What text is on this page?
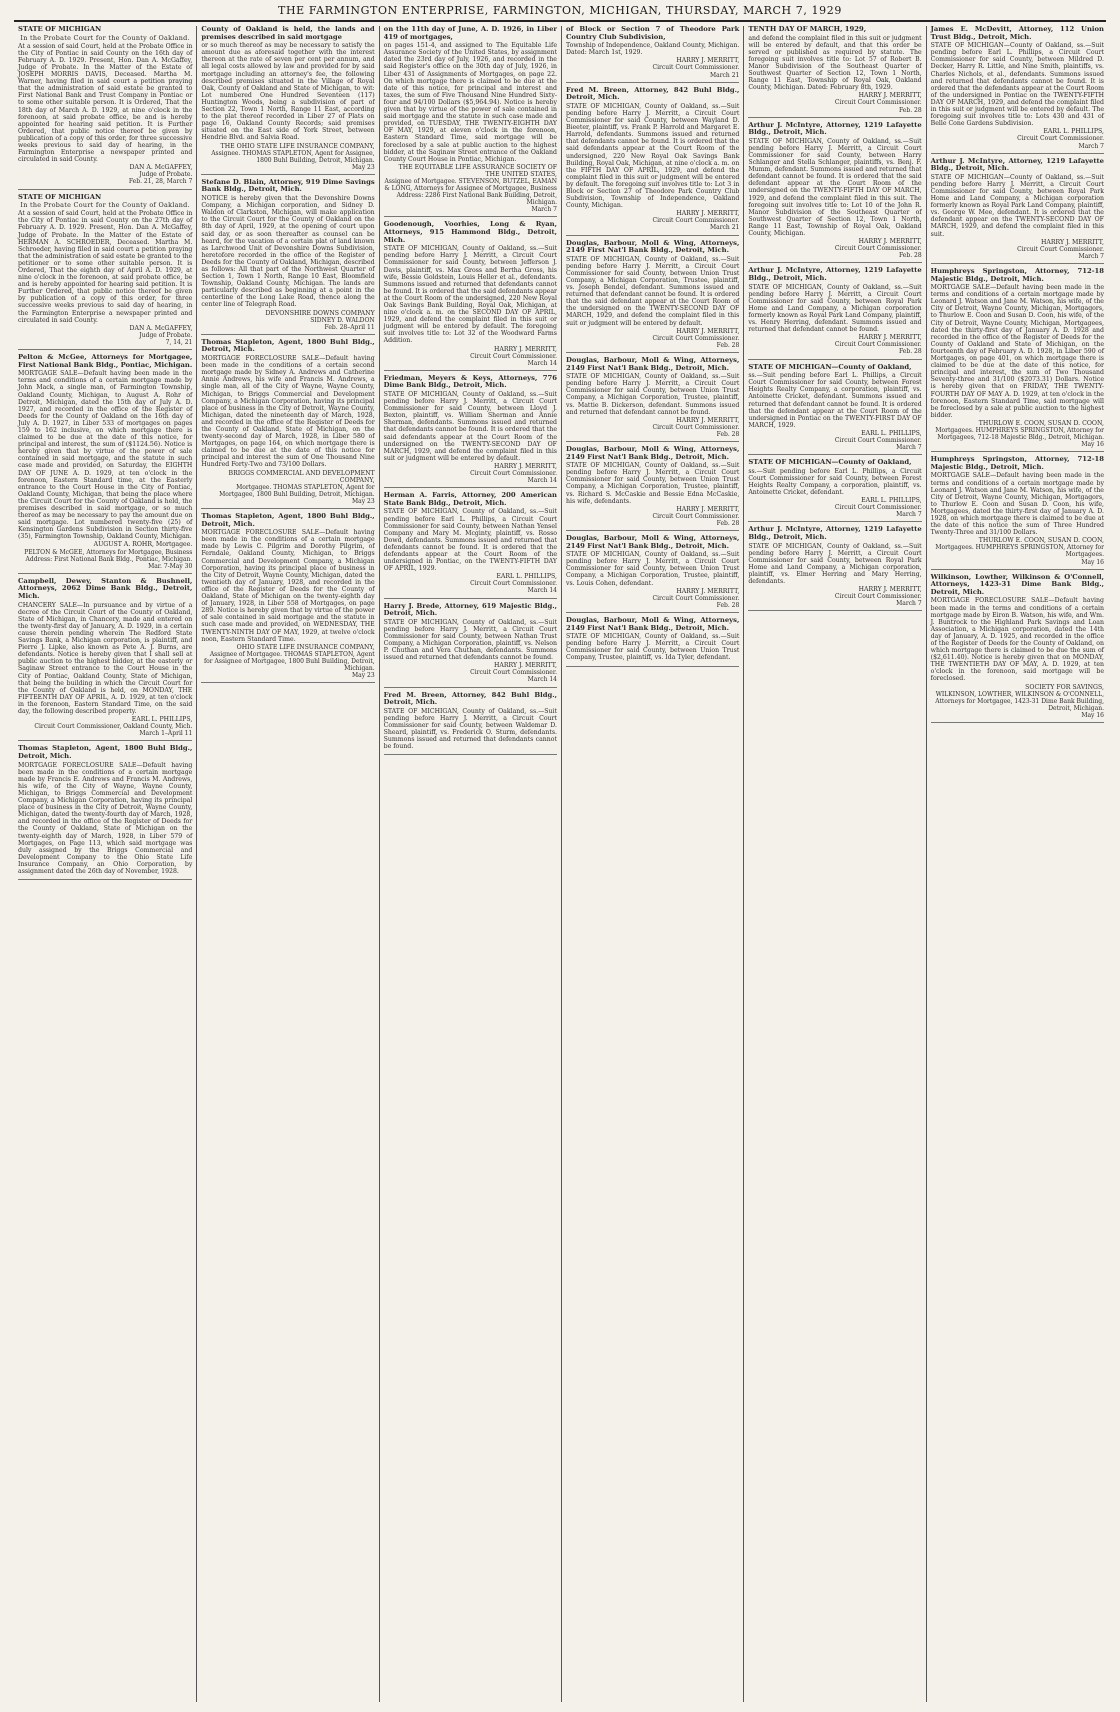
THE FARMINGTON ENTERPRISE, FARMINGTON, MICHIGAN, THURSDAY, MARCH 7, 1929
STATE OF MICHIGAN
In the Probate Court for the County of Oakland.
At a session of said Court, held at the Probate Office in the City of Pontiac in said County on the 16th day of February A. D. 1929. Present, Hon. Dan A. McGaffey, Judge of Probate. In the Matter of the Estate of JOSEPH MORRIS DAVIS, Deceased. Martha M. Warner, having filed in said court a petition praying that the administration of said estate be granted to First National Bank and Trust Company in Pontiac or to some other suitable person. It is Ordered, That the 18th day of March A. D. 1929, at nine o'clock in the forenoon, at said probate office, be and is hereby appointed for hearing said petition. It is Further Ordered, that public notice thereof be given by publication of a copy of this order, for three successive weeks previous to said day of hearing, in the Farmington Enterprise a newspaper printed and circulated in said County.
DAN A. McGAFFEY,
Judge of Probate.
Feb. 21, 28, March 7
STATE OF MICHIGAN
In the Probate Court for the County of Oakland.
At a session of said Court, held at the Probate Office in the City of Pontiac in said County on the 27th day of February A. D. 1929. Present, Hon. Dan A. McGaffey, Judge of Probate. In the Matter of the Estate of HERMAN A. SCHROEDER, Deceased. Martha M. Schroeder, having filed in said court a petition praying that the administration of said estate be granted to the petitioner or to some other suitable person. It is Ordered, That the eighth day of April A. D. 1929, at nine o'clock in the forenoon, at said probate office, be and is hereby appointed for hearing said petition. It is Further Ordered, that public notice thereof be given by publication of a copy of this order, for three successive weeks previous to said day of hearing, in the Farmington Enterprise a newspaper printed and circulated in said County.
DAN A. McGAFFEY,
Judge of Probate.
7, 14, 21
Pelton & McGee, Attorneys for Mortgagee, First National Bank Bldg., Pontiac, Michigan.
MORTGAGE SALE—Default having been made in the terms and conditions of a certain mortgage made by John Mack, a single man, of Farmington Township, Oakland County, Michigan, to August A. Rohr of Detroit, Michigan, dated the 15th day of July A. D. 1927, and recorded in the office of the Register of Deeds for the County of Oakland on the 16th day of July A. D. 1927, in Liber 533 of mortgages on pages 159 to 162 inclusive, on which mortgage there is claimed to be due at the date of this notice, for principal and interest, the sum of ($1124.56). Notice is hereby given that by virtue of the power of sale contained in said mortgage, and the statute in such case made and provided, on Saturday, the EIGHTH DAY OF JUNE A. D. 1929, at ten o'clock in the forenoon, Eastern Standard time, at the Easterly entrance to the Court House in the City of Pontiac, Oakland County, Michigan, that being the place where the Circuit Court for the County of Oakland is held, the premises described in said mortgage, or so much thereof as may be necessary to pay the amount due on said mortgage. Lot numbered twenty-five (25) of Kensington Gardens Subdivision in Section thirty-five (35), Farmington Township, Oakland County, Michigan.
AUGUST A. ROHR, Mortgagee.
PELTON & McGEE, Attorneys for Mortgagee, Business Address: First National Bank Bldg., Pontiac, Michigan.
Mar. 7-May 30
Campbell, Dewey, Stanton & Bushnell, Attorneys, 2062 Dime Bank Bldg., Detroit, Mich.
CHANCERY SALE—In pursuance and by virtue of a decree of the Circuit Court of the County of Oakland, State of Michigan, in Chancery, made and entered on the twenty-first day of January, A. D. 1929, in a certain cause therein pending wherein The Redford State Savings Bank, a Michigan corporation, is plaintiff, and Pierre J. Lipke, also known as Pete A. J. Burns, are defendants. Notice is hereby given that I shall sell at public auction to the highest bidder, at the easterly or Saginaw Street entrance to the Court House in the City of Pontiac, Oakland County, State of Michigan, that being the building in which the Circuit Court for the County of Oakland is held, on MONDAY, THE FIFTEENTH DAY OF APRIL, A. D. 1929, at ten o'clock in the forenoon, Eastern Standard Time, on the said day, the following described property.
EARL L. PHILLIPS,
Circuit Court Commissioner, Oakland County, Mich.
March 1–April 11
Thomas Stapleton, Agent, 1800 Buhl Bldg., Detroit, Mich.
MORTGAGE FORECLOSURE SALE—Default having been made in the conditions of a certain mortgage made by Francis E. Andrews and Francis M. Andrews, his wife, of the City of Wayne, Wayne County, Michigan, to Briggs Commercial and Development Company, a Michigan Corporation, having its principal place of business in the City of Detroit, Wayne County, Michigan, dated the twenty-fourth day of March, 1928, and recorded in the office of the Register of Deeds for the County of Oakland, State of Michigan on the twenty-eighth day of March, 1928, in Liber 579 of Mortgages, on Page 113, which said mortgage was duly assigned by the Briggs Commercial and Development Company to the Ohio State Life Insurance Company, an Ohio Corporation, by assignment dated the 26th day of November, 1928.
County of Oakland is held, the lands and premises described in said mortgage
or so much thereof as may be necessary to satisfy the amount due as aforesaid together with the interest thereon at the rate of seven per cent per annum, and all legal costs allowed by law and provided for by said mortgage including an attorney's fee, the following described premises situated in the Village of Royal Oak, County of Oakland and State of Michigan, to wit: Lot numbered One Hundred Seventeen (117) Huntington Woods, being a subdivision of part of Section 22, Town 1 North, Range 11 East, according to the plat thereof recorded in Liber 27 of Plats on page 16, Oakland County Records; said premises situated on the East side of York Street, between Hendrie Blvd. and Salvia Road.
THE OHIO STATE LIFE INSURANCE COMPANY,
Assignee. THOMAS STAPLETON, Agent for Assignee, 1800 Buhl Building, Detroit, Michigan.
May 23
Stefane D. Blain, Attorney, 919 Dime Savings Bank Bldg., Detroit, Mich.
NOTICE is hereby given that the Devonshire Downs Company, a Michigan corporation, and Sidney D. Waldon of Clarkston, Michigan, will make application to the Circuit Court for the County of Oakland on the 8th day of April, 1929, at the opening of court upon said day, or as soon thereafter as counsel can be heard, for the vacation of a certain plat of land known as Larchwood Unit of Devonshire Downs Subdivision, heretofore recorded in the office of the Register of Deeds for the County of Oakland, Michigan, described as follows: All that part of the Northwest Quarter of Section 1, Town 1 North, Range 10 East, Bloomfield Township, Oakland County, Michigan. The lands are particularly described as beginning at a point in the centerline of the Long Lake Road, thence along the center line of Telegraph Road.
DEVONSHIRE DOWNS COMPANY
SIDNEY D. WALDON
Feb. 28–April 11
Thomas Stapleton, Agent, 1800 Buhl Bldg., Detroit, Mich.
MORTGAGE FORECLOSURE SALE—Default having been made in the conditions of a certain second mortgage made by Sidney A. Andrews and Catherine Annie Andrews, his wife and Francis M. Andrews, a single man, all of the City of Wayne, Wayne County, Michigan, to Briggs Commercial and Development Company, a Michigan Corporation, having its principal place of business in the City of Detroit, Wayne County, Michigan, dated the nineteenth day of March, 1928, and recorded in the office of the Register of Deeds for the County of Oakland, State of Michigan, on the twenty-second day of March, 1928, in Liber 580 of Mortgages, on page 164, on which mortgage there is claimed to be due at the date of this notice for principal and interest the sum of One Thousand Nine Hundred Forty-Two and 73/100 Dollars.
BRIGGS COMMERCIAL AND DEVELOPMENT COMPANY,
Mortgagee. THOMAS STAPLETON, Agent for Mortgagee, 1800 Buhl Building, Detroit, Michigan.
May 23
Thomas Stapleton, Agent, 1800 Buhl Bldg., Detroit, Mich.
MORTGAGE FORECLOSURE SALE—Default having been made in the conditions of a certain mortgage made by Lewis C. Pilgrim and Dorothy Pilgrim, of Ferndale, Oakland County, Michigan, to Briggs Commercial and Development Company, a Michigan Corporation, having its principal place of business in the City of Detroit, Wayne County, Michigan, dated the twentieth day of January, 1928, and recorded in the office of the Register of Deeds for the County of Oakland, State of Michigan on the twenty-eighth day of January, 1928, in Liber 558 of Mortgages, on page 289. Notice is hereby given that by virtue of the power of sale contained in said mortgage and the statute in such case made and provided, on WEDNESDAY, THE TWENTY-NINTH DAY OF MAY, 1929, at twelve o'clock noon, Eastern Standard Time.
OHIO STATE LIFE INSURANCE COMPANY,
Assignee of Mortgagee. THOMAS STAPLETON, Agent for Assignee of Mortgagee, 1800 Buhl Building, Detroit, Michigan.
May 23
on the 11th day of June, A. D. 1926, in Liber 419 of mortgages,
on pages 151-4, and assigned to The Equitable Life Assurance Society of the United States, by assignment dated the 23rd day of July, 1926, and recorded in the said Register's office on the 30th day of July, 1926, in Liber 431 of Assignments of Mortgages, on page 22. On which mortgage there is claimed to be due at the date of this notice, for principal and interest and taxes, the sum of Five Thousand Nine Hundred Sixty-four and 94/100 Dollars ($5,964.94). Notice is hereby given that by virtue of the power of sale contained in said mortgage and the statute in such case made and provided, on TUESDAY, THE TWENTY-EIGHTH DAY OF MAY, 1929, at eleven o'clock in the forenoon, Eastern Standard Time, said mortgage will be foreclosed by a sale at public auction to the highest bidder, at the Saginaw Street entrance of the Oakland County Court House in Pontiac, Michigan.
THE EQUITABLE LIFE ASSURANCE SOCIETY OF THE UNITED STATES,
Assignee of Mortgagee. STEVENSON, BUTZEL, EAMAN & LONG, Attorneys for Assignee of Mortgagee, Business Address: 2286 First National Bank Building, Detroit, Michigan.
March 7
Goodenough, Voorhies, Long & Ryan, Attorneys, 915 Hammond Bldg., Detroit, Mich.
STATE OF MICHIGAN, County of Oakland, ss.—Suit pending before Harry J. Merritt, a Circuit Court Commissioner for said County, between Jefferson J. Davis, plaintiff, vs. Max Gross and Bertha Gross, his wife, Bessie Goldstein, Louis Heller et al., defendants. Summons issued and returned that defendants cannot be found. It is ordered that the said defendants appear at the Court Room of the undersigned, 220 New Royal Oak Savings Bank Building, Royal Oak, Michigan, at nine o'clock a. m. on the SECOND DAY OF APRIL, 1929, and defend the complaint filed in this suit or judgment will be entered by default. The foregoing suit involves title to: Lot 32 of the Woodward Farms Addition.
HARRY J. MERRITT,
Circuit Court Commissioner.
March 14
Friedman, Meyers & Keys, Attorneys, 776 Dime Bank Bldg., Detroit, Mich.
STATE OF MICHIGAN, County of Oakland, ss.—Suit pending before Harry J. Merritt, a Circuit Court Commissioner for said County, between Lloyd J. Bexton, plaintiff, vs. William Sherman and Annie Sherman, defendants. Summons issued and returned that defendants cannot be found. It is ordered that the said defendants appear at the Court Room of the undersigned on the TWENTY-SECOND DAY OF MARCH, 1929, and defend the complaint filed in this suit or judgment will be entered by default.
HARRY J. MERRITT,
Circuit Court Commissioner.
March 14
Herman A. Farris, Attorney, 200 American State Bank Bldg., Detroit, Mich.
STATE OF MICHIGAN, County of Oakland, ss.—Suit pending before Earl L. Phillips, a Circuit Court Commissioner for said County, between Nathan Yensel Company and Mary M. Mcginty, plaintiff, vs. Rosso Dowd, defendants. Summons issued and returned that defendants cannot be found. It is ordered that the defendants appear at the Court Room of the undersigned in Pontiac, on the TWENTY-FIFTH DAY OF APRIL, 1929.
EARL L. PHILLIPS,
Circuit Court Commissioner.
March 14
Harry J. Brede, Attorney, 619 Majestic Bldg., Detroit, Mich.
STATE OF MICHIGAN, County of Oakland, ss.—Suit pending before Harry J. Merritt, a Circuit Court Commissioner for said County, between Nathan Trust Company, a Michigan Corporation, plaintiff, vs. Nelson P. Chuthan and Vera Chuthan, defendants. Summons issued and returned that defendants cannot be found.
HARRY J. MERRITT,
Circuit Court Commissioner.
March 14
Fred M. Breen, Attorney, 842 Buhl Bldg., Detroit, Mich.
STATE OF MICHIGAN, County of Oakland, ss.—Suit pending before Harry J. Merritt, a Circuit Court Commissioner for said County, between Waldemar D. Sheard, plaintiff, vs. Frederick O. Sturm, defendants. Summons issued and returned that defendants cannot be found.
of Block or Section 7 of Theodore Park Country Club Subdivision,
Township of Independence, Oakland County, Michigan. Dated: March 1st, 1929.
HARRY J. MERRITT,
Circuit Court Commissioner.
March 21
Fred M. Breen, Attorney, 842 Buhl Bldg., Detroit, Mich.
STATE OF MICHIGAN, County of Oakland, ss.—Suit pending before Harry J. Merritt, a Circuit Court Commissioner for said County, between Wayland D. Bieeter, plaintiff, vs. Frank P. Harrold and Margaret E. Harrold, defendants. Summons issued and returned that defendants cannot be found. It is ordered that the said defendants appear at the Court Room of the undersigned, 220 New Royal Oak Savings Bank Building, Royal Oak, Michigan, at nine o'clock a. m. on the FIFTH DAY OF APRIL, 1929, and defend the complaint filed in this suit or judgment will be entered by default. The foregoing suit involves title to: Lot 3 in Block or Section 27 of Theodore Park Country Club Subdivision, Township of Independence, Oakland County, Michigan.
HARRY J. MERRITT,
Circuit Court Commissioner.
March 21
Douglas, Barbour, Moll & Wing, Attorneys, 2149 First Nat'l Bank Bldg., Detroit, Mich.
STATE OF MICHIGAN, County of Oakland, ss.—Suit pending before Harry J. Merritt, a Circuit Court Commissioner for said County, between Union Trust Company, a Michigan Corporation, Trustee, plaintiff, vs. Joseph Bendel, defendant. Summons issued and returned that defendant cannot be found. It is ordered that the said defendant appear at the Court Room of the undersigned on the TWENTY-SECOND DAY OF MARCH, 1929, and defend the complaint filed in this suit or judgment will be entered by default.
HARRY J. MERRITT,
Circuit Court Commissioner.
Feb. 28
Douglas, Barbour, Moll & Wing, Attorneys, 2149 First Nat'l Bank Bldg., Detroit, Mich.
STATE OF MICHIGAN, County of Oakland, ss.—Suit pending before Harry J. Merritt, a Circuit Court Commissioner for said County, between Union Trust Company, a Michigan Corporation, Trustee, plaintiff, vs. Mattie B. Dickerson, defendant. Summons issued and returned that defendant cannot be found.
HARRY J. MERRITT,
Circuit Court Commissioner.
Feb. 28
Douglas, Barbour, Moll & Wing, Attorneys, 2149 First Nat'l Bank Bldg., Detroit, Mich.
STATE OF MICHIGAN, County of Oakland, ss.—Suit pending before Harry J. Merritt, a Circuit Court Commissioner for said County, between Union Trust Company, a Michigan Corporation, Trustee, plaintiff, vs. Richard S. McCaskie and Bessie Edna McCaskie, his wife, defendants.
HARRY J. MERRITT,
Circuit Court Commissioner.
Feb. 28
Douglas, Barbour, Moll & Wing, Attorneys, 2149 First Nat'l Bank Bldg., Detroit, Mich.
STATE OF MICHIGAN, County of Oakland, ss.—Suit pending before Harry J. Merritt, a Circuit Court Commissioner for said County, between Union Trust Company, a Michigan Corporation, Trustee, plaintiff, vs. Louis Cohen, defendant.
HARRY J. MERRITT,
Circuit Court Commissioner.
Feb. 28
Douglas, Barbour, Moll & Wing, Attorneys, 2149 First Nat'l Bank Bldg., Detroit, Mich.
STATE OF MICHIGAN, County of Oakland, ss.—Suit pending before Harry J. Merritt, a Circuit Court Commissioner for said County, between Union Trust Company, Trustee, plaintiff, vs. Ida Tyler, defendant.
TENTH DAY OF MARCH, 1929,
and defend the complaint filed in this suit or judgment will be entered by default, and that this order be served or published as required by statute. The foregoing suit involves title to: Lot 57 of Robert B. Manor Subdivision of the Southeast Quarter of Southwest Quarter of Section 12, Town 1 North, Range 11 East, Township of Royal Oak, Oakland County, Michigan. Dated: February 8th, 1929.
HARRY J. MERRITT,
Circuit Court Commissioner.
Feb. 28
Arthur J. McIntyre, Attorney, 1219 Lafayette Bldg., Detroit, Mich.
STATE OF MICHIGAN, County of Oakland, ss.—Suit pending before Harry J. Merritt, a Circuit Court Commissioner for said County, between Harry Schlanger and Stella Schlanger, plaintiffs, vs. Benj. F. Mumm, defendant. Summons issued and returned that defendant cannot be found. It is ordered that the said defendant appear at the Court Room of the undersigned on the TWENTY-FIFTH DAY OF MARCH, 1929, and defend the complaint filed in this suit. The foregoing suit involves title to: Lot 10 of the John R. Manor Subdivision of the Southeast Quarter of Southwest Quarter of Section 12, Town 1 North, Range 11 East, Township of Royal Oak, Oakland County, Michigan.
HARRY J. MERRITT,
Circuit Court Commissioner.
Feb. 28
Arthur J. McIntyre, Attorney, 1219 Lafayette Bldg., Detroit, Mich.
STATE OF MICHIGAN, County of Oakland, ss.—Suit pending before Harry J. Merritt, a Circuit Court Commissioner for said County, between Royal Park Home and Land Company, a Michigan corporation formerly known as Royal Park Land Company, plaintiff, vs. Henry Herring, defendant. Summons issued and returned that defendant cannot be found.
HARRY J. MERRITT,
Circuit Court Commissioner.
Feb. 28
STATE OF MICHIGAN—County of Oakland,
ss.—Suit pending before Earl L. Phillips, a Circuit Court Commissioner for said County, between Forest Heights Realty Company, a corporation, plaintiff, vs. Antoinette Cricket, defendant. Summons issued and returned that defendant cannot be found. It is ordered that the defendant appear at the Court Room of the undersigned in Pontiac on the TWENTY-FIRST DAY OF MARCH, 1929.
EARL L. PHILLIPS,
Circuit Court Commissioner.
March 7
STATE OF MICHIGAN—County of Oakland,
ss.—Suit pending before Earl L. Phillips, a Circuit Court Commissioner for said County, between Forest Heights Realty Company, a corporation, plaintiff, vs. Antoinette Cricket, defendant.
EARL L. PHILLIPS,
Circuit Court Commissioner.
March 7
Arthur J. McIntyre, Attorney, 1219 Lafayette Bldg., Detroit, Mich.
STATE OF MICHIGAN, County of Oakland, ss.—Suit pending before Harry J. Merritt, a Circuit Court Commissioner for said County, between Royal Park Home and Land Company, a Michigan corporation, plaintiff, vs. Elmer Herring and Mary Herring, defendants.
HARRY J. MERRITT,
Circuit Court Commissioner.
March 7
James E. McDevitt, Attorney, 112 Union Trust Bldg., Detroit, Mich.
STATE OF MICHIGAN—County of Oakland, ss.—Suit pending before Earl L. Phillips, a Circuit Court Commissioner for said County, between Mildred D. Decker, Harry R. Little, and Nine Smith, plaintiffs, vs. Charles Nichols, et al., defendants. Summons issued and returned that defendants cannot be found. It is ordered that the defendants appear at the Court Room of the undersigned in Pontiac on the TWENTY-FIFTH DAY OF MARCH, 1929, and defend the complaint filed in this suit or judgment will be entered by default. The foregoing suit involves title to: Lots 430 and 431 of Belle Cone Gardens Subdivision.
EARL L. PHILLIPS,
Circuit Court Commissioner.
March 7
Arthur J. McIntyre, Attorney, 1219 Lafayette Bldg., Detroit, Mich.
STATE OF MICHIGAN—County of Oakland, ss.—Suit pending before Harry J. Merritt, a Circuit Court Commissioner for said County, between Royal Park Home and Land Company, a Michigan corporation formerly known as Royal Park Land Company, plaintiff, vs. George W. Mee, defendant. It is ordered that the defendant appear on the TWENTY-SECOND DAY OF MARCH, 1929, and defend the complaint filed in this suit.
HARRY J. MERRITT,
Circuit Court Commissioner.
March 7
Humphreys Springston, Attorney, 712-18 Majestic Bldg., Detroit, Mich.
MORTGAGE SALE—Default having been made in the terms and conditions of a certain mortgage made by Leonard J. Watson and Jane M. Watson, his wife, of the City of Detroit, Wayne County, Michigan, Mortgagors, to Thurlow E. Coon and Susan D. Coon, his wife, of the City of Detroit, Wayne County, Michigan, Mortgagees, dated the thirty-first day of January A. D. 1928 and recorded in the office of the Register of Deeds for the County of Oakland and State of Michigan, on the fourteenth day of February A. D. 1928, in Liber 590 of Mortgages, on page 401, on which mortgage there is claimed to be due at the date of this notice, for principal and interest, the sum of Two Thousand Seventy-three and 31/100 ($2073.31) Dollars. Notice is hereby given that on FRIDAY, THE TWENTY-FOURTH DAY OF MAY A. D. 1929, at ten o'clock in the forenoon, Eastern Standard Time, said mortgage will be foreclosed by a sale at public auction to the highest bidder.
THURLOW E. COON, SUSAN D. COON,
Mortgagees. HUMPHREYS SPRINGSTON, Attorney for Mortgagees, 712-18 Majestic Bldg., Detroit, Michigan.
May 16
Humphreys Springston, Attorney, 712-18 Majestic Bldg., Detroit, Mich.
MORTGAGE SALE—Default having been made in the terms and conditions of a certain mortgage made by Leonard J. Watson and Jane M. Watson, his wife, of the City of Detroit, Wayne County, Michigan, Mortgagors, to Thurlow E. Coon and Susan D. Coon, his wife, Mortgagees, dated the thirty-first day of January A. D. 1928, on which mortgage there is claimed to be due at the date of this notice the sum of Three Hundred Twenty-Three and 31/100 Dollars.
THURLOW E. COON, SUSAN D. COON,
Mortgagees. HUMPHREYS SPRINGSTON, Attorney for Mortgagees.
May 16
Wilkinson, Lowther, Wilkinson & O'Connell, Attorneys, 1423-31 Dime Bank Bldg., Detroit, Mich.
MORTGAGE FORECLOSURE SALE—Default having been made in the terms and conditions of a certain mortgage made by Eiron B. Watson, his wife, and Wm. J. Buntrock to the Highland Park Savings and Loan Association, a Michigan corporation, dated the 14th day of January, A. D. 1925, and recorded in the office of the Register of Deeds for the County of Oakland, on which mortgage there is claimed to be due the sum of ($2,611.40). Notice is hereby given that on MONDAY, THE TWENTIETH DAY OF MAY, A. D. 1929, at ten o'clock in the forenoon, said mortgage will be foreclosed.
SOCIETY FOR SAVINGS,
WILKINSON, LOWTHER, WILKINSON & O'CONNELL, Attorneys for Mortgagee, 1423-31 Dime Bank Building, Detroit, Michigan.
May 16
